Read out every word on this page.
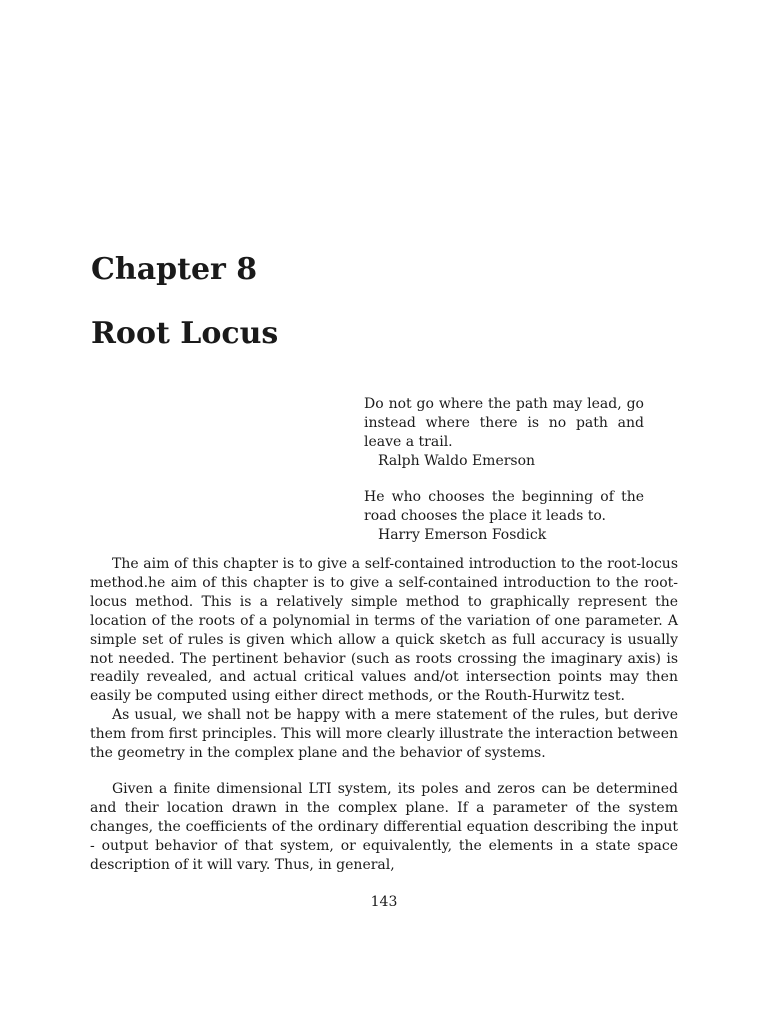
Chapter 8
Root Locus
Do not go where the path may lead, go instead where there is no path and leave a trail.
Ralph Waldo Emerson
He who chooses the beginning of the road chooses the place it leads to.
Harry Emerson Fosdick

The aim of this chapter is to give a self-contained introduction to the root-locus method.he aim of this chapter is to give a self-contained introduction to the root-locus method. This is a relatively simple method to graphically represent the location of the roots of a polynomial in terms of the variation of one parameter. A simple set of rules is given which allow a quick sketch as full accuracy is usually not needed. The pertinent behavior (such as roots crossing the imaginary axis) is readily revealed, and actual critical values and/ot intersection points may then easily be computed using either direct methods, or the Routh-Hurwitz test.

As usual, we shall not be happy with a mere statement of the rules, but derive them from first principles. This will more clearly illustrate the interaction between the geometry in the complex plane and the behavior of systems.

Given a finite dimensional LTI system, its poles and zeros can be determined and their location drawn in the complex plane. If a parameter of the system changes, the coefficients of the ordinary differential equation describing the input - output behavior of that system, or equivalently, the elements in a state space description of it will vary. Thus, in general,

143
